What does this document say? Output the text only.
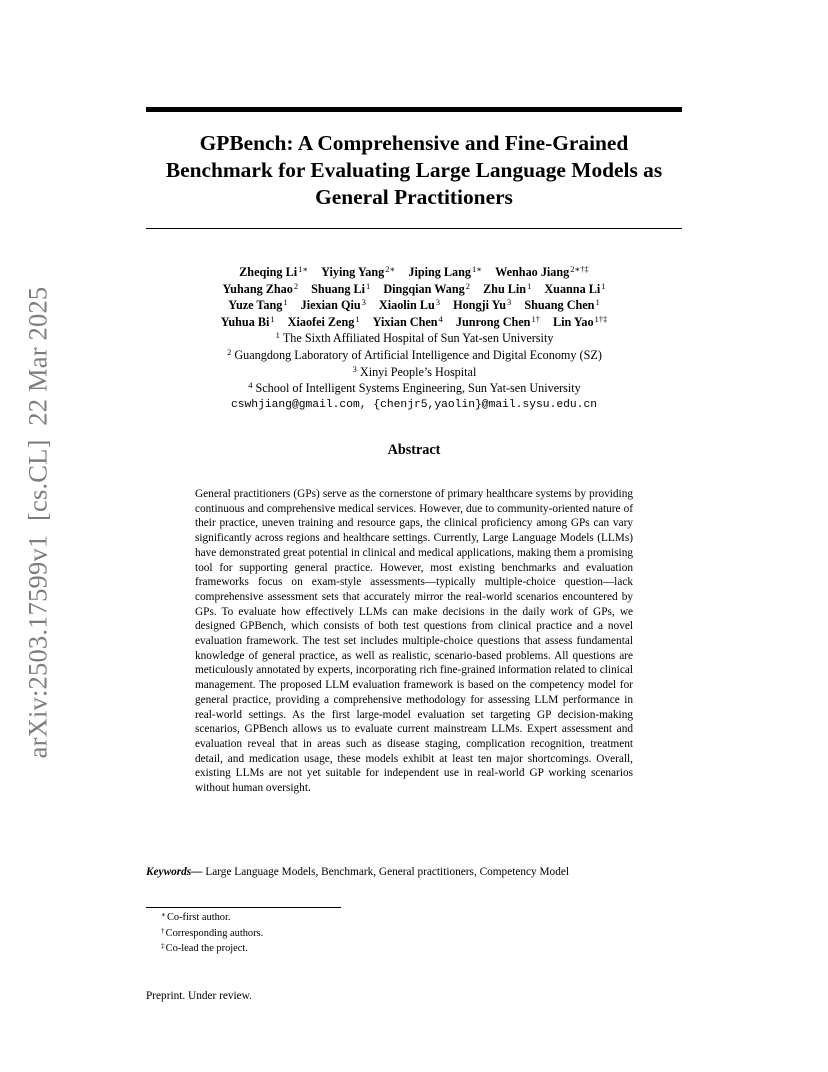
arXiv:2503.17599v1  [cs.CL]  22 Mar 2025
GPBench: A Comprehensive and Fine-Grained
Benchmark for Evaluating Large Language Models as
General Practitioners
Zheqing $Li^{1∗}$ Yiying Yang$^{2∗}$ Jiping Lang$^{1∗}$ Wenhao Jiang$^{2∗\dagger\ddagger}$
Yuhang Zhao$^2$ Shuang Li$^1$ Dingqian Wang$^2$ Zhu Lin$^1$ Xuanna Li$^1$
Yuze Tang$^1$ Jiexian Qiu$^3$ Xiaolin Lu$^3$ Hongji Yu$^3$ Shuang Chen$^1$
Yuhua Bi$^1$ Xiaofei Zeng$^1$ Yixian Chen$^4$ Junrong Chen$^{1\dagger}$ Lin Yao$^{1\dagger\ddagger}$
$^1$ The Sixth Affiliated Hospital of Sun Yat-sen University
$^2$ Guangdong Laboratory of Artificial Intelligence and Digital Economy (SZ)
$^3$ Xinyi People’s Hospital
$^4$ School of Intelligent Systems Engineering, Sun Yat-sen University
cswhjiang@gmail.com, {chenjr5,yaolin}@mail.sysu.edu.cn
Abstract

General practitioners (GPs) serve as the cornerstone of primary healthcare systems by providing continuous and comprehensive medical services. However, due to community-oriented nature of their practice, uneven training and resource gaps, the clinical proficiency among GPs can vary significantly across regions and healthcare settings. Currently, Large Language Models (LLMs) have demonstrated great potential in clinical and medical applications, making them a promising tool for supporting general practice. However, most existing benchmarks and evaluation frameworks focus on exam-style assessments—typically multiple-choice question—lack comprehensive assessment sets that accurately mirror the real-world scenarios encountered by GPs. To evaluate how effectively LLMs can make decisions in the daily work of GPs, we designed GPBench, which consists of both test questions from clinical practice and a novel evaluation framework. The test set includes multiple-choice questions that assess fundamental knowledge of general practice, as well as realistic, scenario-based problems. All questions are meticulously annotated by experts, incorporating rich fine-grained information related to clinical management. The proposed LLM evaluation framework is based on the competency model for general practice, providing a comprehensive methodology for assessing LLM performance in real-world settings. As the first large-model evaluation set targeting GP decision-making scenarios, GPBench allows us to evaluate current mainstream LLMs. Expert assessment and evaluation reveal that in areas such as disease staging, complication recognition, treatment detail, and medication usage, these models exhibit at least ten major shortcomings. Overall, existing LLMs are not yet suitable for independent use in real-world GP working scenarios without human oversight.

Keywords— Large Language Models, Benchmark, General practitioners, Competency Model
∗Co-first author.
†Corresponding authors.
‡Co-lead the project.
Preprint. Under review.
